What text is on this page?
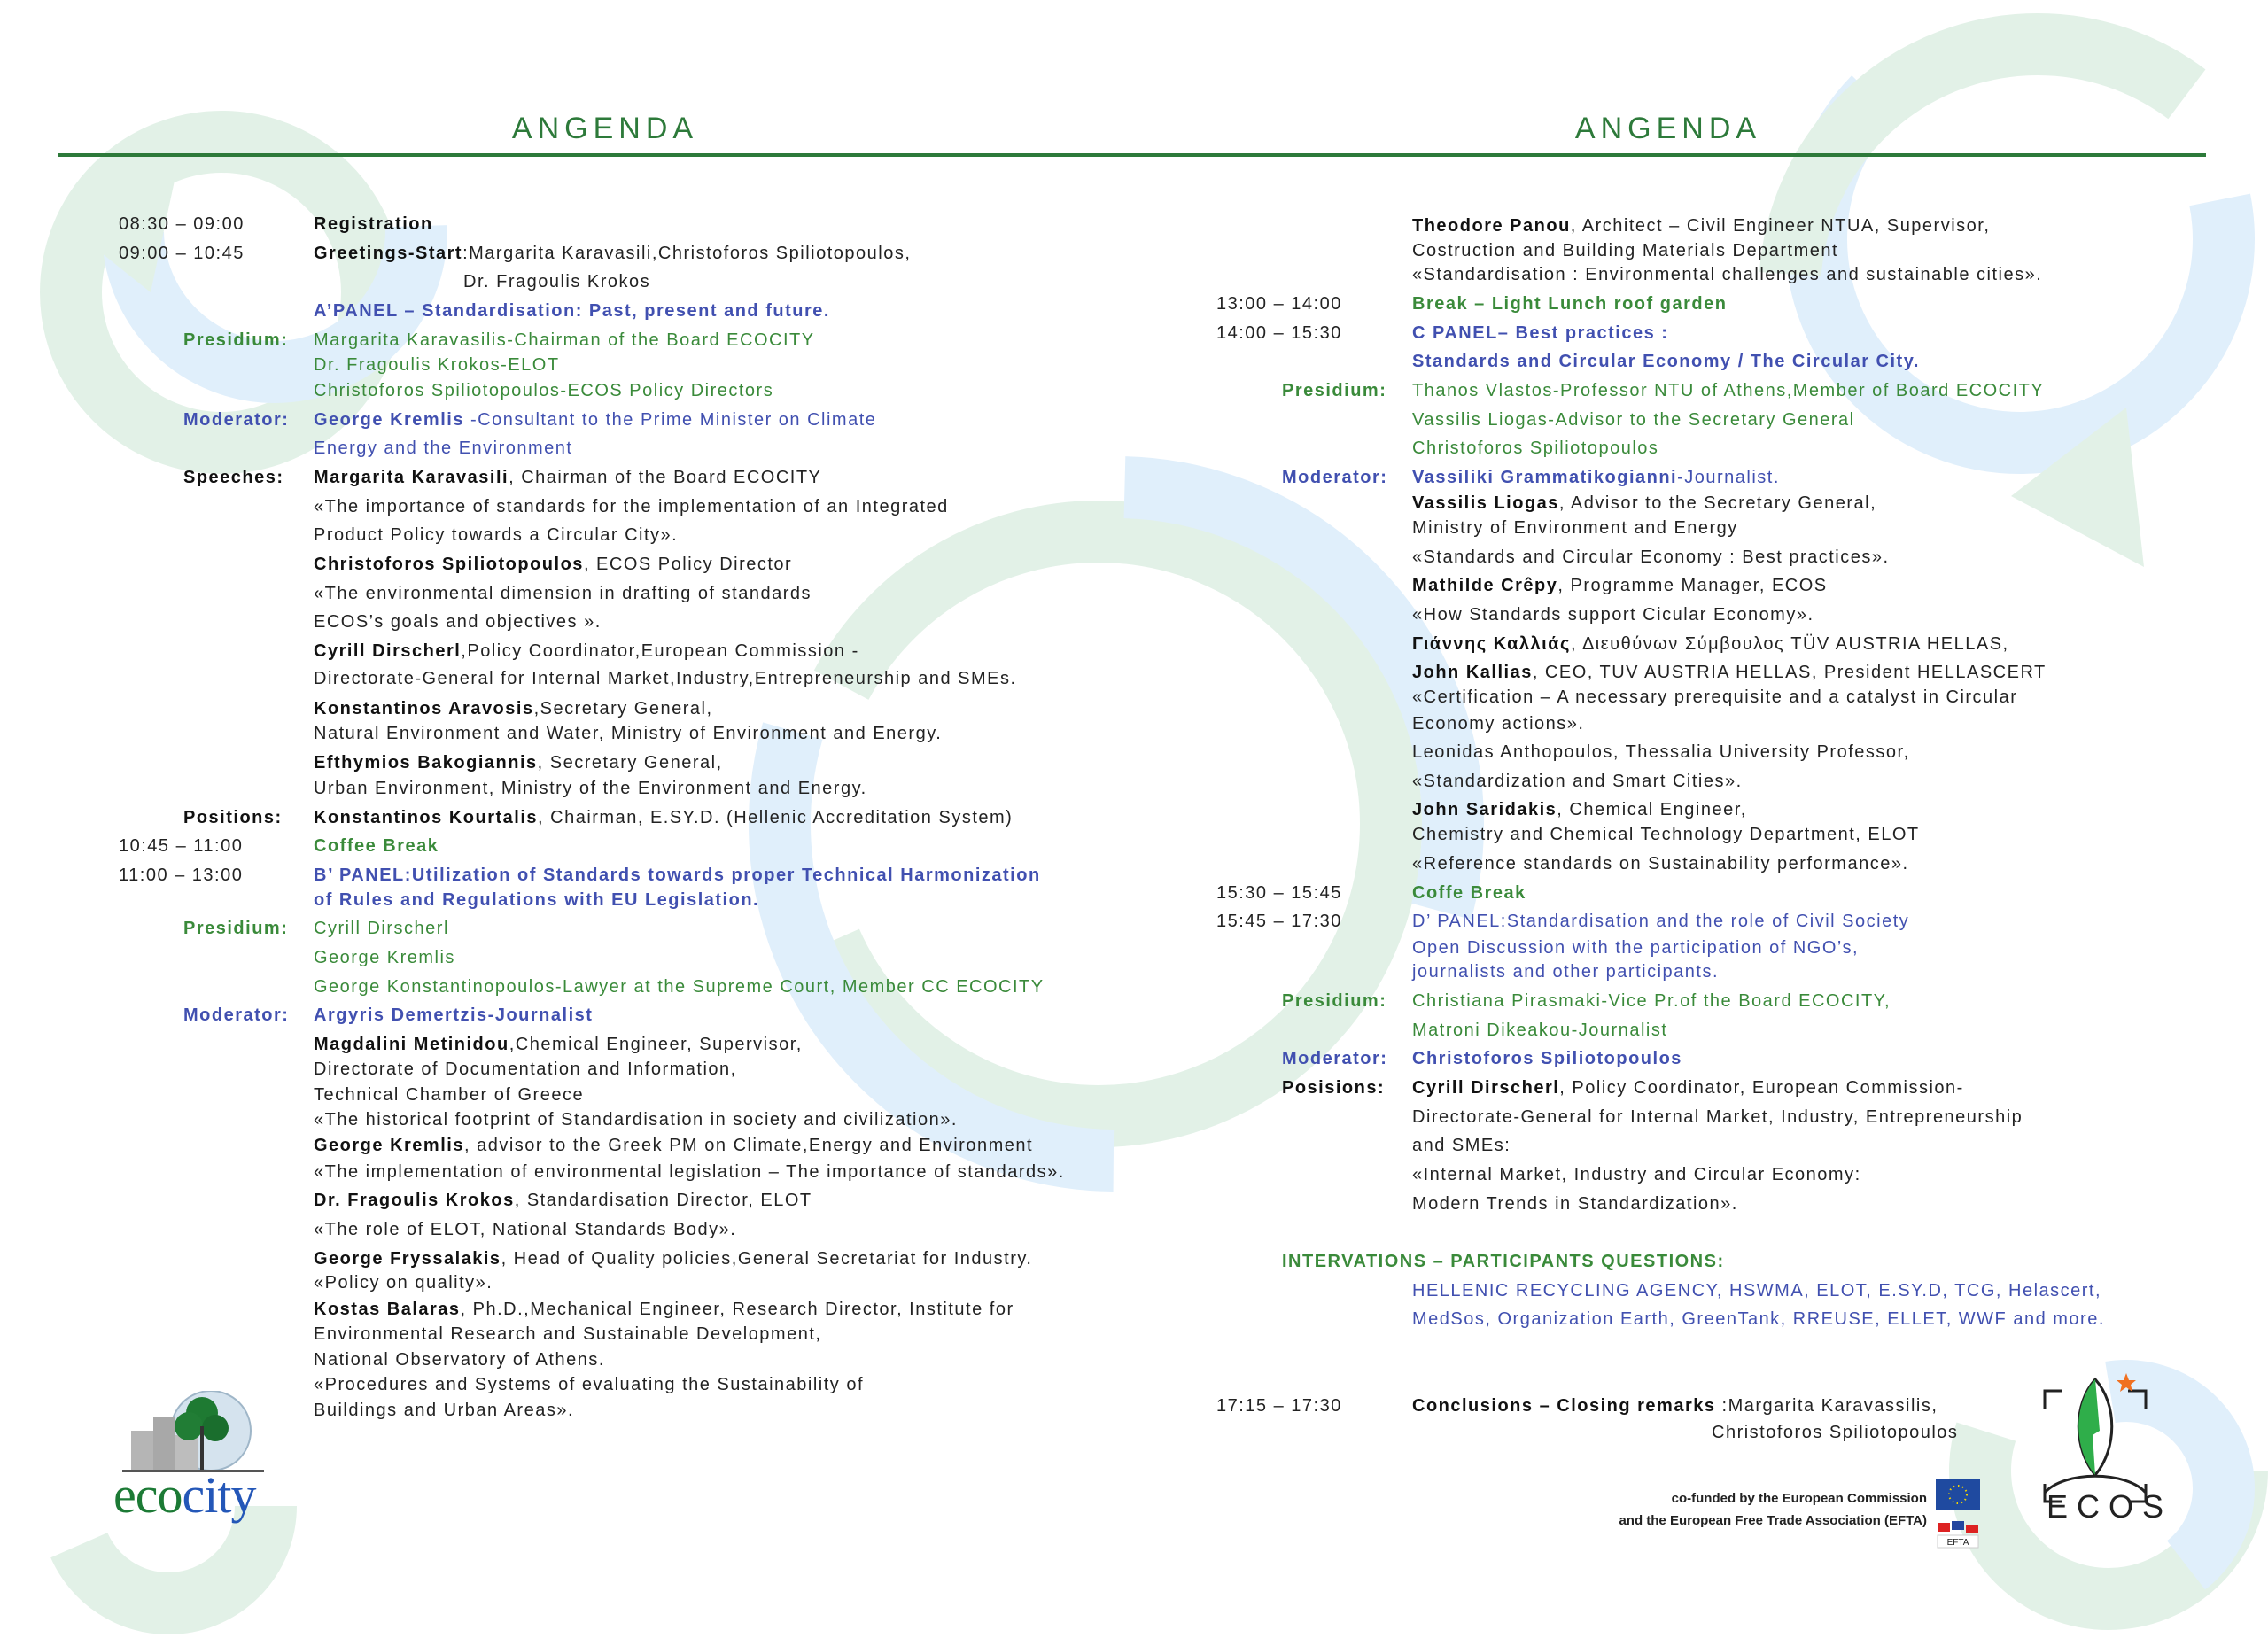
ANGENDA	ANGENDA
08:30 – 09:00	Registration
09:00 – 10:45	Greetings-Start:Margarita Karavasili,Christoforos Spiliotopoulos,
Dr. Fragoulis Krokos
A’PANEL – Standardisation: Past, present and future.
Presidium: Margarita Karavasilis-Chairman of the Board ECOCITY
Dr. Fragoulis Krokos-ELOT
Christoforos Spiliotopoulos-ECOS Policy Directors
Moderator: George Kremlis -Consultant to the Prime Minister on Climate
Energy and the Environment
Speeches: Margarita Karavasili, Chairman of the Board ECOCITY
«The importance of standards for the implementation of an Integrated
Product Policy towards a Circular City».
Christoforos Spiliotopoulos, ECOS Policy Director
«The environmental dimension in drafting of standards
ECOS’s goals and objectives ».
Cyrill Dirscherl,Policy Coordinator,European Commission -
Directorate-General for Internal Market,Industry,Entrepreneurship and SMEs.
Konstantinos Aravosis,Secretary General,
Natural Environment and Water, Ministry of Environment and Energy.
Efthymios Bakogiannis, Secretary General,
Urban Environment, Ministry of the Environment and Energy.
Positions: Konstantinos Kourtalis, Chairman, E.SY.D. (Hellenic Accreditation System)
10:45 – 11:00	Coffee Break
11:00 – 13:00	B’ PANEL:Utilization of Standards towards proper Technical Harmonization
of Rules and Regulations with EU Legislation.
Presidium: Cyrill Dirscherl
George Kremlis
George Konstantinopoulos-Lawyer at the Supreme Court, Member CC ECOCITY
Moderator: Argyris Demertzis-Journalist
Magdalini Metinidou,Chemical Engineer, Supervisor,
Directorate of Documentation and Information,
Technical Chamber of Greece
«The historical footprint of Standardisation in society and civilization».
George Kremlis, advisor to the Greek PM on Climate,Energy and Environment
«The implementation of environmental legislation – The importance of standards».
Dr. Fragoulis Krokos, Standardisation Director, ELOT
«The role of ELOT, National Standards Body».
George Fryssalakis, Head of Quality policies,General Secretariat for Industry.
«Policy on quality».
Kostas Balaras, Ph.D.,Mechanical Engineer, Research Director, Institute for
Environmental Research and Sustainable Development,
National Observatory of Athens.
«Procedures and Systems of evaluating the Sustainability of
Buildings and Urban Areas».
Theodore Panou, Architect – Civil Engineer NTUA, Supervisor,
Costruction and Building Materials Department
«Standardisation : Environmental challenges and sustainable cities».
13:00 – 14:00	Break – Light Lunch roof garden
14:00 – 15:30	C PANEL– Best practices :
Standards and Circular Economy / The Circular City.
Presidium: Thanos Vlastos-Professor NTU of Athens,Member of Board ECOCITY
Vassilis Liogas-Advisor to the Secretary General
Christoforos Spiliotopoulos
Moderator: Vassiliki Grammatikogianni-Journalist.
Vassilis Liogas, Advisor to the Secretary General,
Ministry of Environment and Energy
«Standards and Circular Economy : Best practices».
Mathilde Crêpy, Programme Manager, ECOS
«How Standards support Cicular Economy».
Γιάννης Καλλιάς, Διευθύνων Σύμβουλος TÜV AUSTRIA HELLAS,
John Kallias, CEO, TUV AUSTRIA HELLAS, President HELLASCERT
«Certification – A necessary prerequisite and a catalyst in Circular
Economy actions».
Leonidas Anthopoulos, Thessalia University Professor,
«Standardization and Smart Cities».
John Saridakis, Chemical Engineer,
Chemistry and Chemical Technology Department, ELOT
«Reference standards on Sustainability performance».
15:30 – 15:45	Coffe Break
15:45 – 17:30	D’ PANEL:Standardisation and the role of Civil Society
Open Discussion with the participation of NGO’s,
journalists and other participants.
Presidium: Christiana Pirasmaki-Vice Pr.of the Board ECOCITY,
Matroni Dikeakou-Journalist
Moderator: Christoforos Spiliotopoulos
Posisions: Cyrill Dirscherl, Policy Coordinator, European Commission-
Directorate-General for Internal Market, Industry, Entrepreneurship
and SMEs:
«Internal Market, Industry and Circular Economy:
Modern Trends in Standardization».
INTERVATIONS – PARTICIPANTS QUESTIONS:
HELLENIC RECYCLING AGENCY, HSWMA, ELOT, E.SY.D, TCG, Helascert,
MedSos, Organization Earth, GreenTank, RREUSE, ELLET, WWF and more.
17:15 – 17:30	Conclusions – Closing remarks :Margarita Karavassilis,
Christoforos Spiliotopoulos
ecocity	co-funded by the European Commission
and the European Free Trade Association (EFTA)
EFTA
ECOS
